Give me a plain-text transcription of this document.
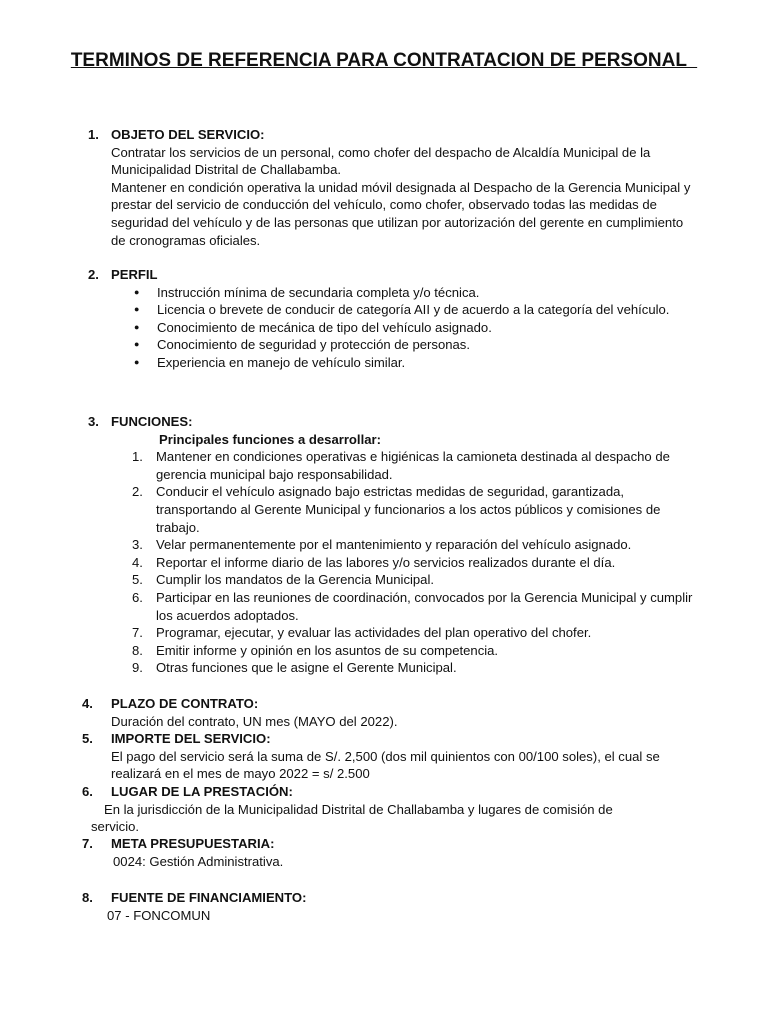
TERMINOS DE REFERENCIA PARA CONTRATACION DE PERSONAL
1. OBJETO DEL SERVICIO:

Contratar los servicios de un personal, como chofer del despacho de Alcaldía Municipal de la Municipalidad Distrital de Challabamba.

Mantener en condición operativa la unidad móvil designada al Despacho de la Gerencia Municipal y prestar del servicio de conducción del vehículo, como chofer, observado todas las medidas de seguridad del vehículo y de las personas que utilizan por autorización del gerente en cumplimiento de cronogramas oficiales.

2. PERFIL
● Instrucción mínima de secundaria completa y/o técnica.
● Licencia o brevete de conducir de categoría AII y de acuerdo a la categoría del vehículo.
● Conocimiento de mecánica de tipo del vehículo asignado.
● Conocimiento de seguridad y protección de personas.
● Experiencia en manejo de vehículo similar.
3. FUNCIONES:
Principales funciones a desarrollar:
1. Mantener en condiciones operativas e higiénicas la camioneta destinada al despacho de gerencia municipal bajo responsabilidad.
2. Conducir el vehículo asignado bajo estrictas medidas de seguridad, garantizada, transportando al Gerente Municipal y funcionarios a los actos públicos y comisiones de trabajo.
3. Velar permanentemente por el mantenimiento y reparación del vehículo asignado.
4. Reportar el informe diario de las labores y/o servicios realizados durante el día.
5. Cumplir los mandatos de la Gerencia Municipal.
6. Participar en las reuniones de coordinación, convocados por la Gerencia Municipal y cumplir los acuerdos adoptados.
7. Programar, ejecutar, y evaluar las actividades del plan operativo del chofer.
8. Emitir informe y opinión en los asuntos de su competencia.
9. Otras funciones que le asigne el Gerente Municipal.
4. PLAZO DE CONTRATO:
Duración del contrato, UN mes (MAYO del 2022).
5. IMPORTE DEL SERVICIO:
El pago del servicio será la suma de S/. 2,500 (dos mil quinientos con 00/100 soles), el cual se realizará en el mes de mayo 2022 = s/ 2.500
6. LUGAR DE LA PRESTACIÓN:
En la jurisdicción de la Municipalidad Distrital de Challabamba y lugares de comisión de
servicio.
7. META PRESUPUESTARIA:
0024: Gestión Administrativa.
8. FUENTE DE FINANCIAMIENTO:
07 - FONCOMUN
